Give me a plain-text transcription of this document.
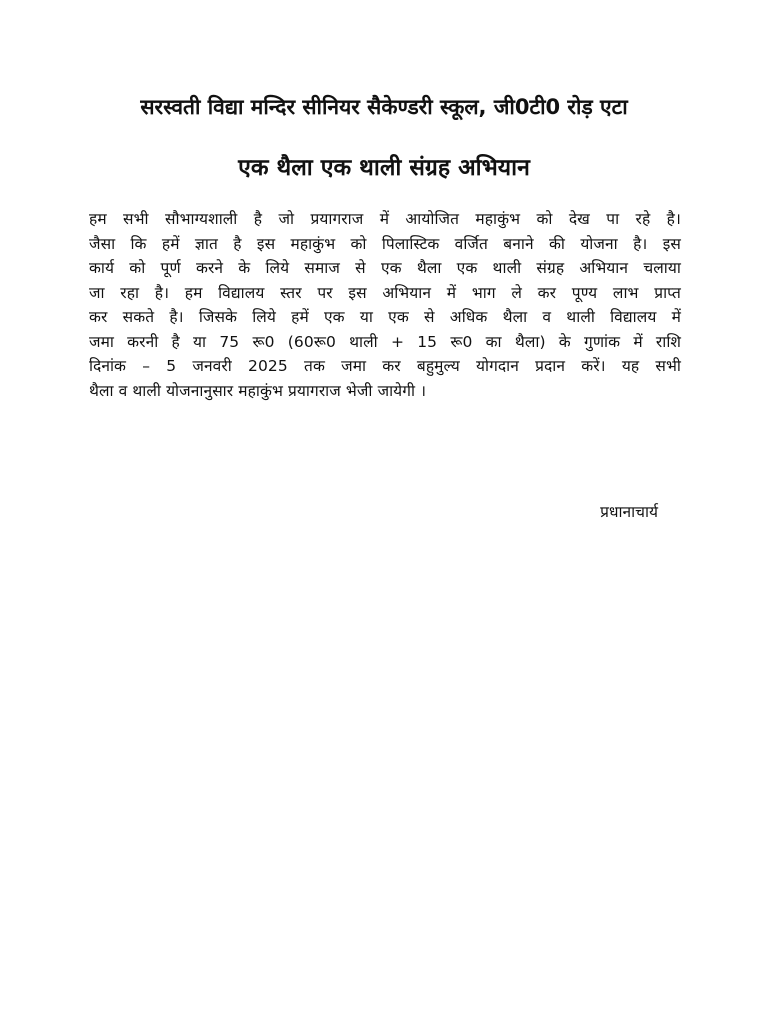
सरस्वती विद्या मन्दिर सीनियर सैकेण्डरी स्कूल, जी0टी0 रोड़ एटा
एक थैला एक थाली संग्रह अभियान
हम सभी सौभाग्यशाली है जो प्रयागराज में आयोजित महाकुंभ को देख पा रहे है।
जैसा कि हमें ज्ञात है इस महाकुंभ को पिलास्टिक वर्जित बनाने की योजना है। इस
कार्य को पूर्ण करने के लिये समाज से एक थैला एक थाली संग्रह अभियान चलाया
जा रहा है। हम विद्यालय स्तर पर इस अभियान में भाग ले कर पूण्य लाभ प्राप्त
कर सकते है। जिसके लिये हमें एक या एक से अधिक थैला व थाली विद्यालय में
जमा करनी है या 75 रू0 (60रू0 थाली + 15 रू0 का थैला) के गुणांक में राशि
दिनांक – 5 जनवरी 2025 तक जमा कर बहुमुल्य योगदान प्रदान करें। यह सभी
थैला व थाली योजनानुसार महाकुंभ प्रयागराज भेजी जायेगी ।
प्रधानाचार्य
